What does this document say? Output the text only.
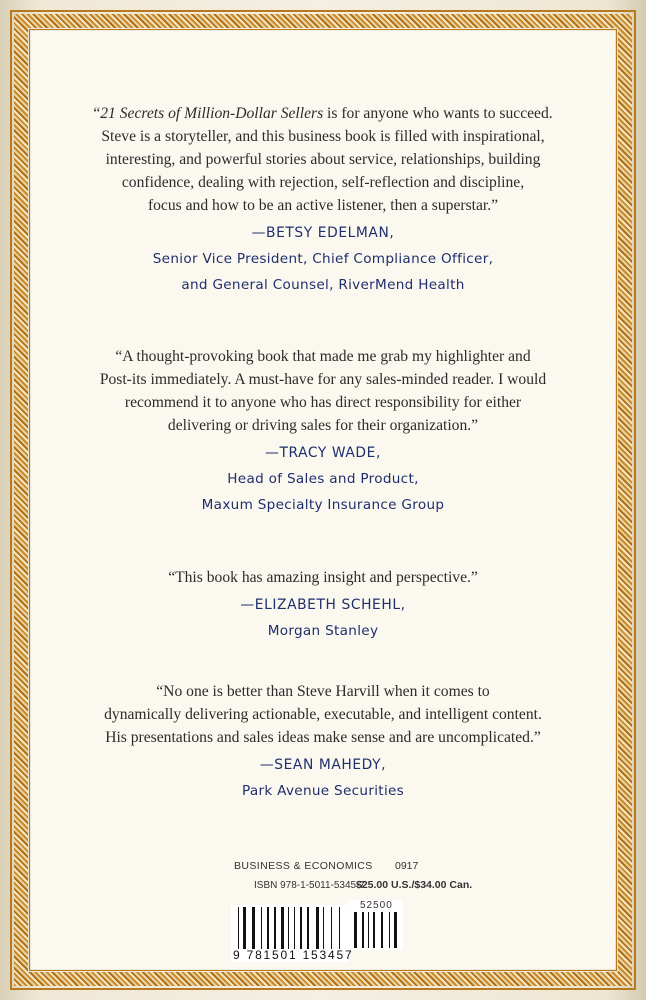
“21 Secrets of Million-Dollar Sellers is for anyone who wants to succeed.
Steve is a storyteller, and this business book is filled with inspirational,
interesting, and powerful stories about service, relationships, building
confidence, dealing with rejection, self-reflection and discipline,
focus and how to be an active listener, then a superstar.”
—BETSY EDELMAN,
Senior Vice President, Chief Compliance Officer,
and General Counsel, RiverMend Health
“A thought-provoking book that made me grab my highlighter and
Post-its immediately. A must-have for any sales-minded reader. I would
recommend it to anyone who has direct responsibility for either
delivering or driving sales for their organization.”
—TRACY WADE,
Head of Sales and Product,
Maxum Specialty Insurance Group
“This book has amazing insight and perspective.”
—ELIZABETH SCHEHL,
Morgan Stanley
“No one is better than Steve Harvill when it comes to
dynamically delivering actionable, executable, and intelligent content.
His presentations and sales ideas make sense and are uncomplicated.”
—SEAN MAHEDY,
Park Avenue Securities
BUSINESS & ECONOMICS 0917
ISBN 978-1-5011-5345-7
$25.00 U.S./$34.00 Can.
52500
9 781501 153457
